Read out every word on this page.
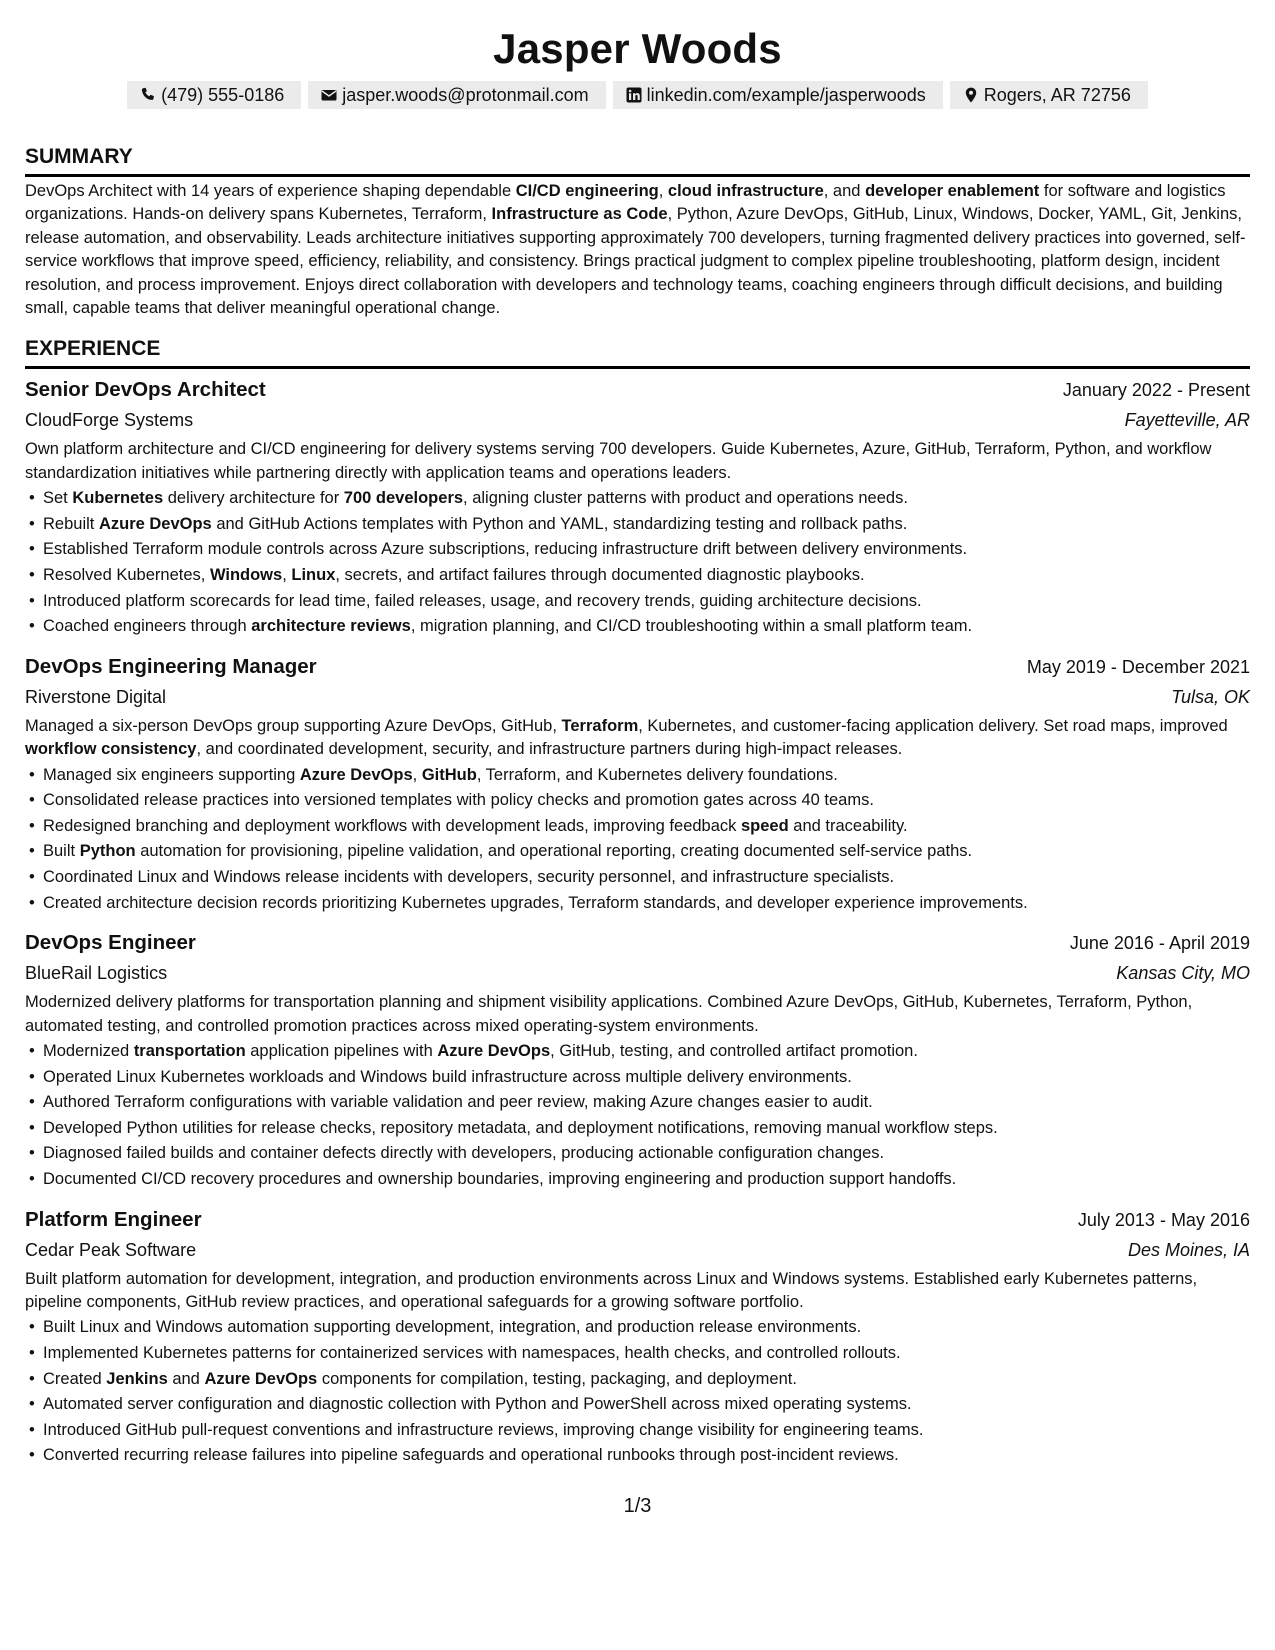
Jasper Woods
(479) 555-0186	jasper.woods@protonmail.com	linkedin.com/example/jasperwoods	Rogers, AR 72756
SUMMARY

DevOps Architect with 14 years of experience shaping dependable CI/CD engineering, cloud infrastructure, and developer enablement for software and logistics organizations. Hands-on delivery spans Kubernetes, Terraform, Infrastructure as Code, Python, Azure DevOps, GitHub, Linux, Windows, Docker, YAML, Git, Jenkins, release automation, and observability. Leads architecture initiatives supporting approximately 700 developers, turning fragmented delivery practices into governed, self-service workflows that improve speed, efficiency, reliability, and consistency. Brings practical judgment to complex pipeline troubleshooting, platform design, incident resolution, and process improvement. Enjoys direct collaboration with developers and technology teams, coaching engineers through difficult decisions, and building small, capable teams that deliver meaningful operational change.

EXPERIENCE
Senior DevOps Architect	January 2022 - Present
CloudForge Systems	Fayetteville, AR

Own platform architecture and CI/CD engineering for delivery systems serving 700 developers. Guide Kubernetes, Azure, GitHub, Terraform, Python, and workflow standardization initiatives while partnering directly with application teams and operations leaders.

• Set Kubernetes delivery architecture for 700 developers, aligning cluster patterns with product and operations needs.
• Rebuilt Azure DevOps and GitHub Actions templates with Python and YAML, standardizing testing and rollback paths.
• Established Terraform module controls across Azure subscriptions, reducing infrastructure drift between delivery environments.
• Resolved Kubernetes, Windows, Linux, secrets, and artifact failures through documented diagnostic playbooks.
• Introduced platform scorecards for lead time, failed releases, usage, and recovery trends, guiding architecture decisions.
• Coached engineers through architecture reviews, migration planning, and CI/CD troubleshooting within a small platform team.
DevOps Engineering Manager	May 2019 - December 2021
Riverstone Digital	Tulsa, OK

Managed a six-person DevOps group supporting Azure DevOps, GitHub, Terraform, Kubernetes, and customer-facing application delivery. Set road maps, improved workflow consistency, and coordinated development, security, and infrastructure partners during high-impact releases.

• Managed six engineers supporting Azure DevOps, GitHub, Terraform, and Kubernetes delivery foundations.
• Consolidated release practices into versioned templates with policy checks and promotion gates across 40 teams.
• Redesigned branching and deployment workflows with development leads, improving feedback speed and traceability.
• Built Python automation for provisioning, pipeline validation, and operational reporting, creating documented self-service paths.
• Coordinated Linux and Windows release incidents with developers, security personnel, and infrastructure specialists.
• Created architecture decision records prioritizing Kubernetes upgrades, Terraform standards, and developer experience improvements.
DevOps Engineer	June 2016 - April 2019
BlueRail Logistics	Kansas City, MO

Modernized delivery platforms for transportation planning and shipment visibility applications. Combined Azure DevOps, GitHub, Kubernetes, Terraform, Python, automated testing, and controlled promotion practices across mixed operating-system environments.

• Modernized transportation application pipelines with Azure DevOps, GitHub, testing, and controlled artifact promotion.
• Operated Linux Kubernetes workloads and Windows build infrastructure across multiple delivery environments.
• Authored Terraform configurations with variable validation and peer review, making Azure changes easier to audit.
• Developed Python utilities for release checks, repository metadata, and deployment notifications, removing manual workflow steps.
• Diagnosed failed builds and container defects directly with developers, producing actionable configuration changes.
• Documented CI/CD recovery procedures and ownership boundaries, improving engineering and production support handoffs.
Platform Engineer	July 2013 - May 2016
Cedar Peak Software	Des Moines, IA

Built platform automation for development, integration, and production environments across Linux and Windows systems. Established early Kubernetes patterns, pipeline components, GitHub review practices, and operational safeguards for a growing software portfolio.

• Built Linux and Windows automation supporting development, integration, and production release environments.
• Implemented Kubernetes patterns for containerized services with namespaces, health checks, and controlled rollouts.
• Created Jenkins and Azure DevOps components for compilation, testing, packaging, and deployment.
• Automated server configuration and diagnostic collection with Python and PowerShell across mixed operating systems.
• Introduced GitHub pull-request conventions and infrastructure reviews, improving change visibility for engineering teams.
• Converted recurring release failures into pipeline safeguards and operational runbooks through post-incident reviews.
1/3
